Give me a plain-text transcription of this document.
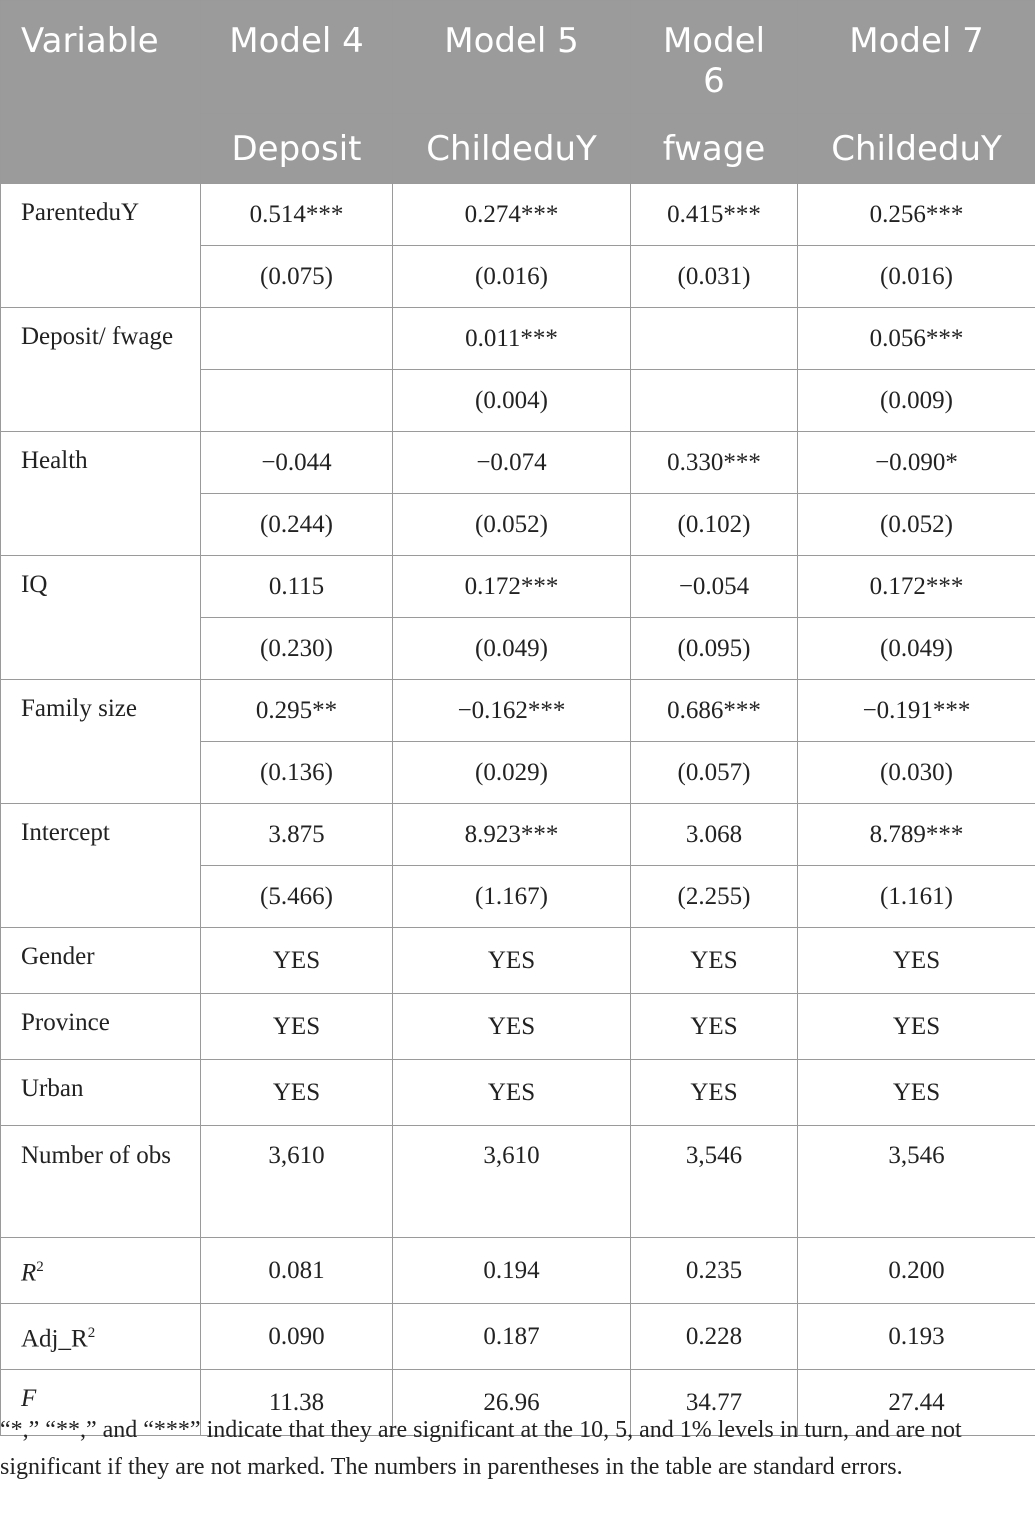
Variable	Model 4	Model 5	Model 6	Model 7
	Deposit	ChildeduY	fwage	ChildeduY
ParenteduY	0.514***	0.274***	0.415***	0.256***
	(0.075)	(0.016)	(0.031)	(0.016)
Deposit/ fwage		0.011***		0.056***
		(0.004)		(0.009)
Health	−0.044	−0.074	0.330***	−0.090*
	(0.244)	(0.052)	(0.102)	(0.052)
IQ	0.115	0.172***	−0.054	0.172***
	(0.230)	(0.049)	(0.095)	(0.049)
Family size	0.295**	−0.162***	0.686***	−0.191***
	(0.136)	(0.029)	(0.057)	(0.030)
Intercept	3.875	8.923***	3.068	8.789***
	(5.466)	(1.167)	(2.255)	(1.161)
Gender	YES	YES	YES	YES
Province	YES	YES	YES	YES
Urban	YES	YES	YES	YES
Number of obs	3,610	3,610	3,546	3,546
$R^2$	0.081	0.194	0.235	0.200
$Adj\_R^2$	0.090	0.187	0.228	0.193
F	11.38	26.96	34.77	27.44
“*,” “**,” and “***” indicate that they are significant at the 10, 5, and 1% levels in turn, and are not significant if they are not marked. The numbers in parentheses in the table are standard errors.
